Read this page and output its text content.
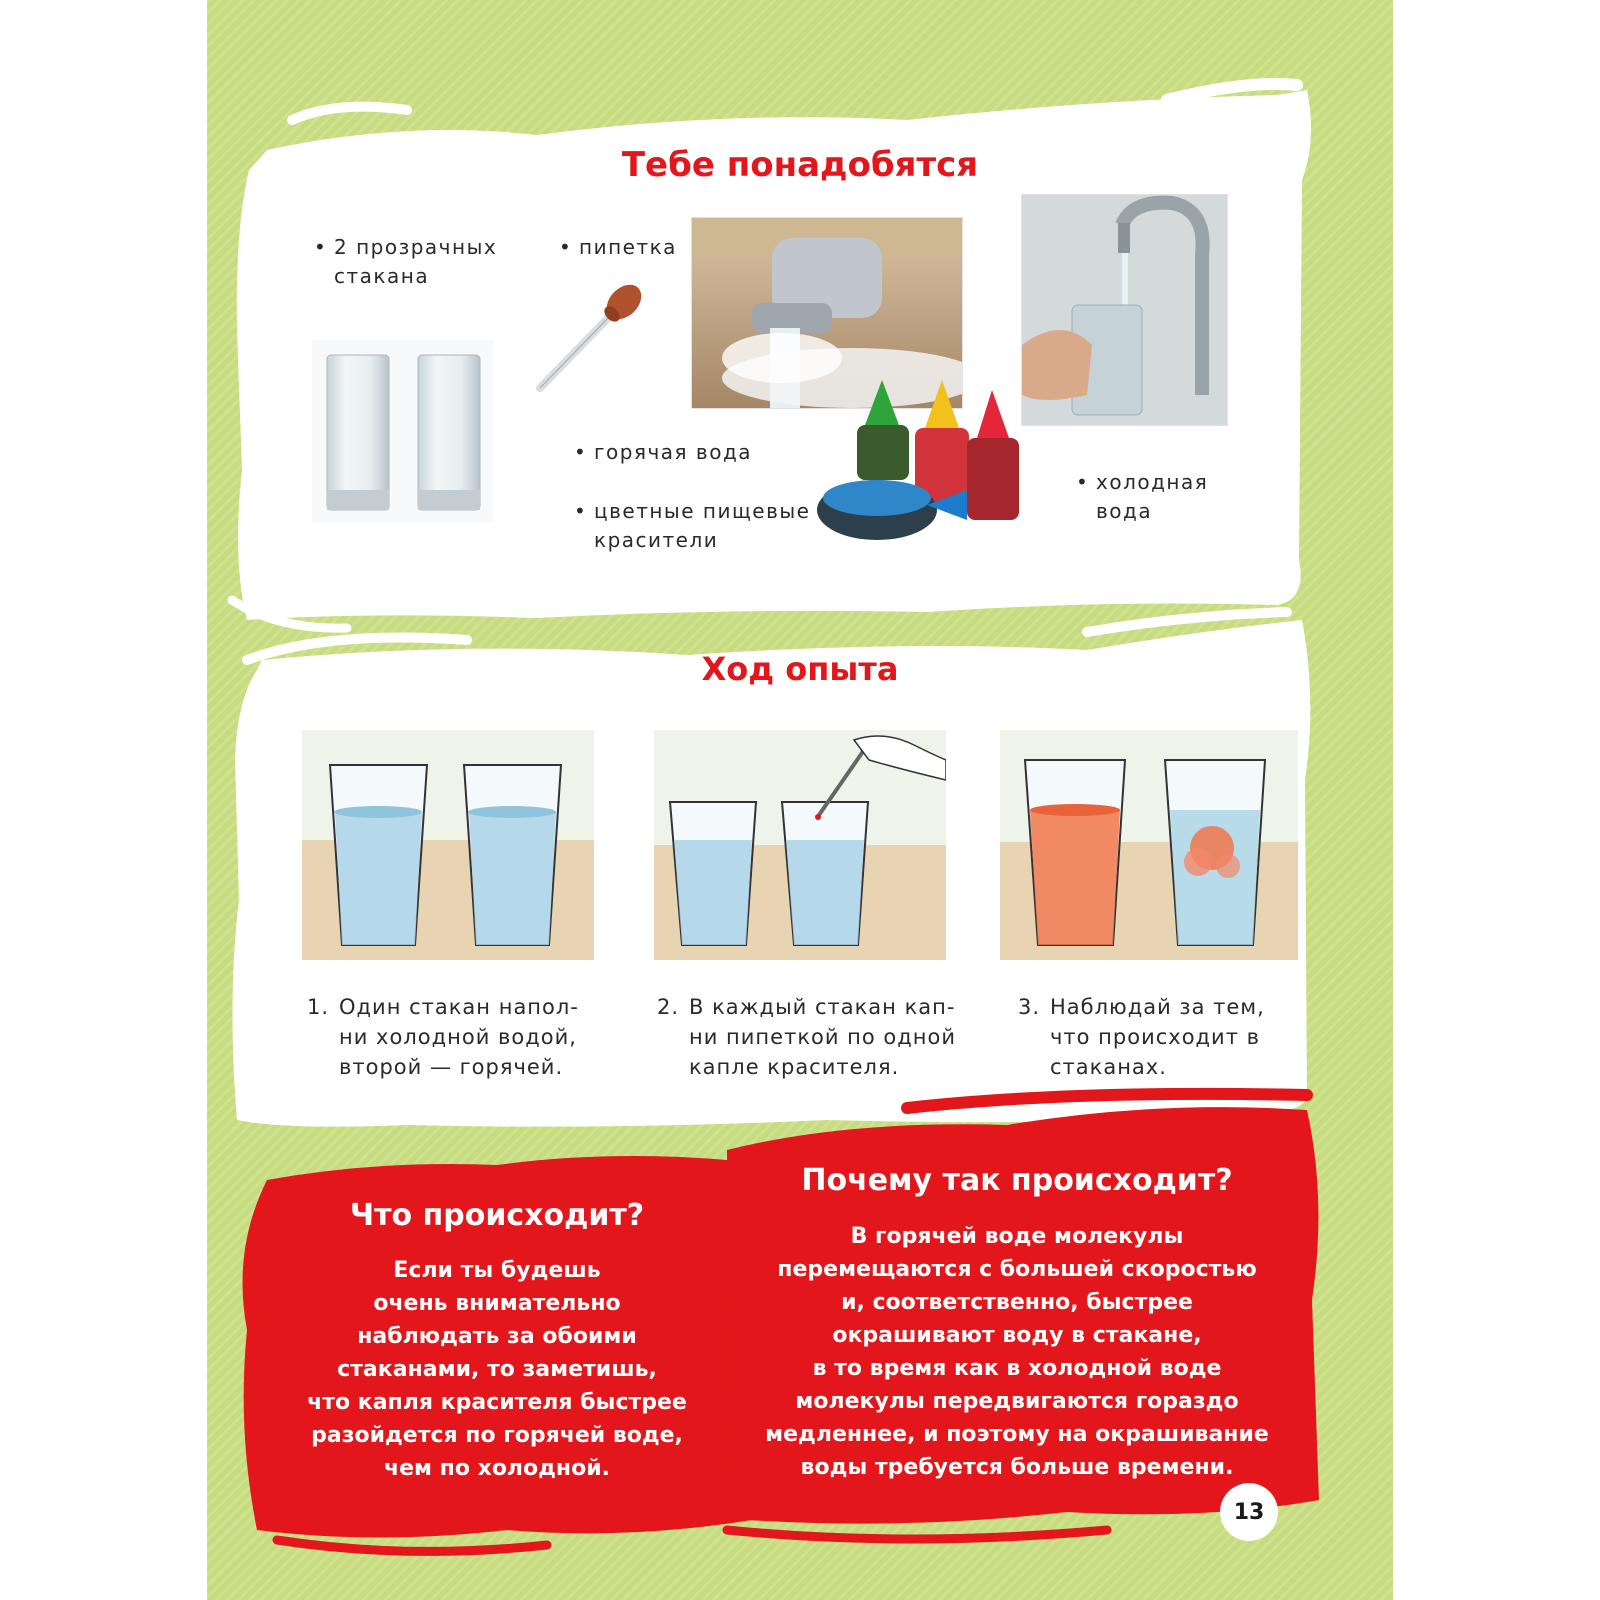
Тебе понадобятся
• 2 прозрачных
стакана
• пипетка
• горячая вода
• цветные пищевые
красители
• холодная
вода
Ход опыта
1. Один стакан напол-
ни холодной водой,
второй — горячей.
2. В каждый стакан кап-
ни пипеткой по одной
капле красителя.
3. Наблюдай за тем,
что происходит в
стаканах.
Что происходит?
Если ты будешь
очень внимательно
наблюдать за обоими
стаканами, то заметишь,
что капля красителя быстрее
разойдется по горячей воде,
чем по холодной.
Почему так происходит?
В горячей воде молекулы
перемещаются с большей скоростью
и, соответственно, быстрее
окрашивают воду в стакане,
в то время как в холодной воде
молекулы передвигаются гораздо
медленнее, и поэтому на окрашивание
воды требуется больше времени.
13
